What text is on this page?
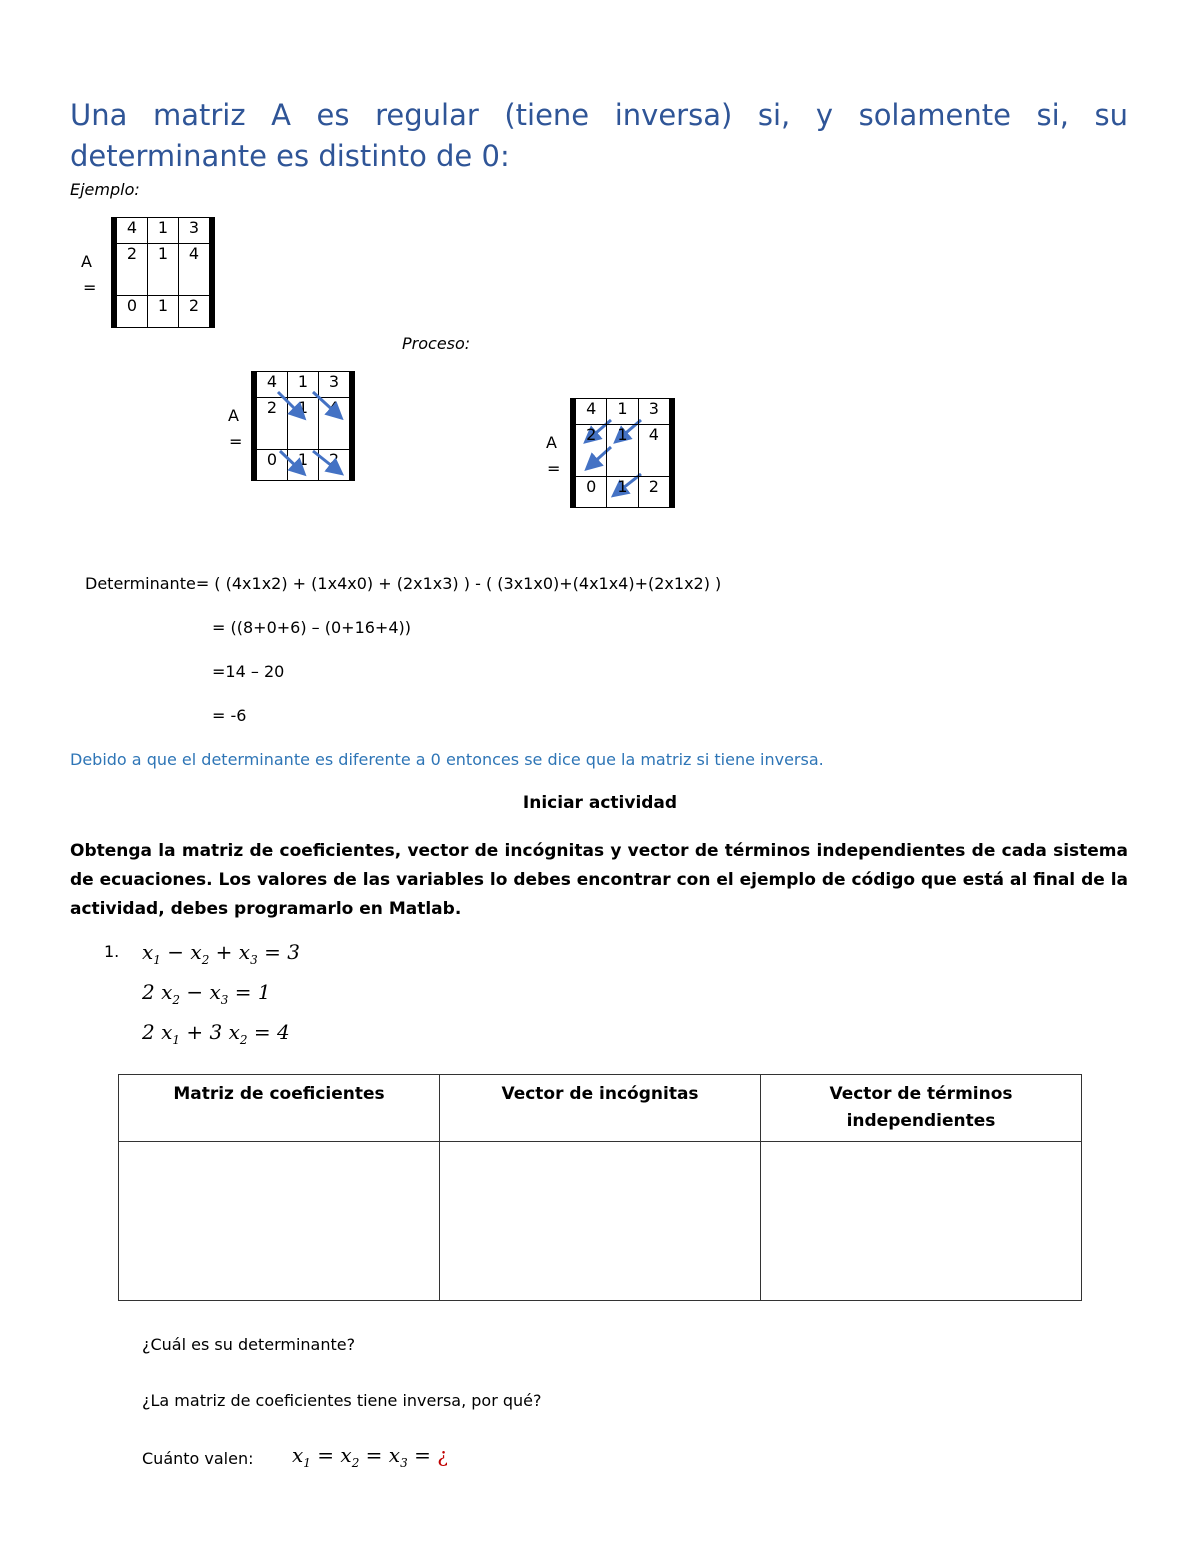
Una matriz A es regular (tiene inversa) si, y solamente si, su determinante es distinto de 0:
Ejemplo:
A
=
4	1	3
2	1	4
0	1	2
Proceso:
A
=
4	1	3
2	1	4
0	1	2
A
=
4	1	3
2	1	4
0	1	2
Determinante= ( (4x1x2) + (1x4x0) + (2x1x3) ) - ( (3x1x0)+(4x1x4)+(2x1x2) )
= ((8+0+6) – (0+16+4))
=14 – 20
= -6
Debido a que el determinante es diferente a 0 entonces se dice que la matriz si tiene inversa.
Iniciar actividad
Obtenga la matriz de coeficientes, vector de incógnitas y vector de términos independientes de cada sistema de ecuaciones. Los valores de las variables lo debes encontrar con el ejemplo de código que está al final de la actividad, debes programarlo en Matlab.
1. $x_1 - x_2 + x_3 = 3$
2 $x_2 - x_3 = 1$
2 $x_1 + 3$ $x_2 = 4$
Matriz de coeficientes	Vector de incógnitas	Vector de términos independientes

¿Cuál es su determinante?
¿La matriz de coeficientes tiene inversa, por qué?
Cuánto valen: $x_1 = x_2 = x_3$ = ¿
